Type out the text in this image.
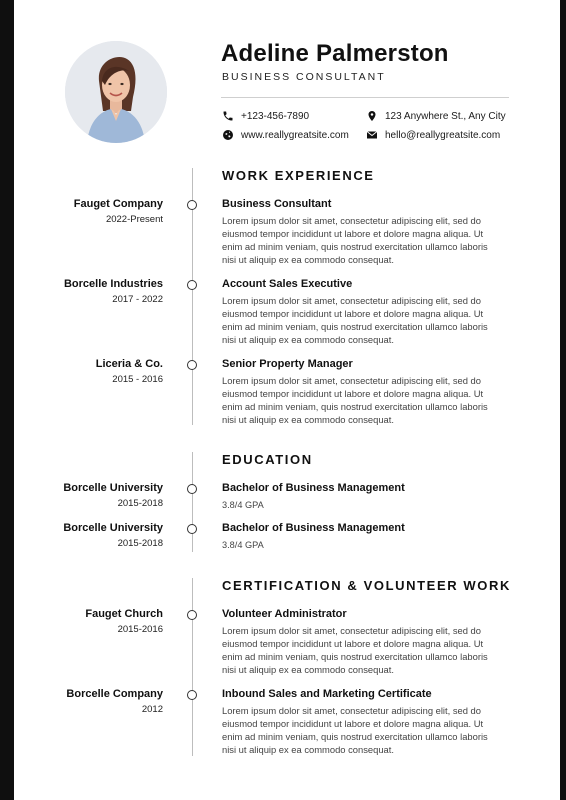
Adeline Palmerston
BUSINESS CONSULTANT
+123-456-7890	123 Anywhere St., Any City
www.reallygreatsite.com	hello@reallygreatsite.com
WORK EXPERIENCE
Fauget Company
2022-Present
Business Consultant
Lorem ipsum dolor sit amet, consectetur adipiscing elit, sed do eiusmod tempor incididunt ut labore et dolore magna aliqua. Ut enim ad minim veniam, quis nostrud exercitation ullamco laboris nisi ut aliquip ex ea commodo consequat.
Borcelle Industries
2017 - 2022
Account Sales Executive
Lorem ipsum dolor sit amet, consectetur adipiscing elit, sed do eiusmod tempor incididunt ut labore et dolore magna aliqua. Ut enim ad minim veniam, quis nostrud exercitation ullamco laboris nisi ut aliquip ex ea commodo consequat.
Liceria & Co.
2015 - 2016
Senior Property Manager
Lorem ipsum dolor sit amet, consectetur adipiscing elit, sed do eiusmod tempor incididunt ut labore et dolore magna aliqua. Ut enim ad minim veniam, quis nostrud exercitation ullamco laboris nisi ut aliquip ex ea commodo consequat.
EDUCATION
Borcelle University
2015-2018
Bachelor of Business Management
3.8/4 GPA
Borcelle University
2015-2018
Bachelor of Business Management
3.8/4 GPA
CERTIFICATION & VOLUNTEER WORK
Fauget Church
2015-2016
Volunteer Administrator
Lorem ipsum dolor sit amet, consectetur adipiscing elit, sed do eiusmod tempor incididunt ut labore et dolore magna aliqua. Ut enim ad minim veniam, quis nostrud exercitation ullamco laboris nisi ut aliquip ex ea commodo consequat.
Borcelle Company
2012
Inbound Sales and Marketing Certificate
Lorem ipsum dolor sit amet, consectetur adipiscing elit, sed do eiusmod tempor incididunt ut labore et dolore magna aliqua. Ut enim ad minim veniam, quis nostrud exercitation ullamco laboris nisi ut aliquip ex ea commodo consequat.
